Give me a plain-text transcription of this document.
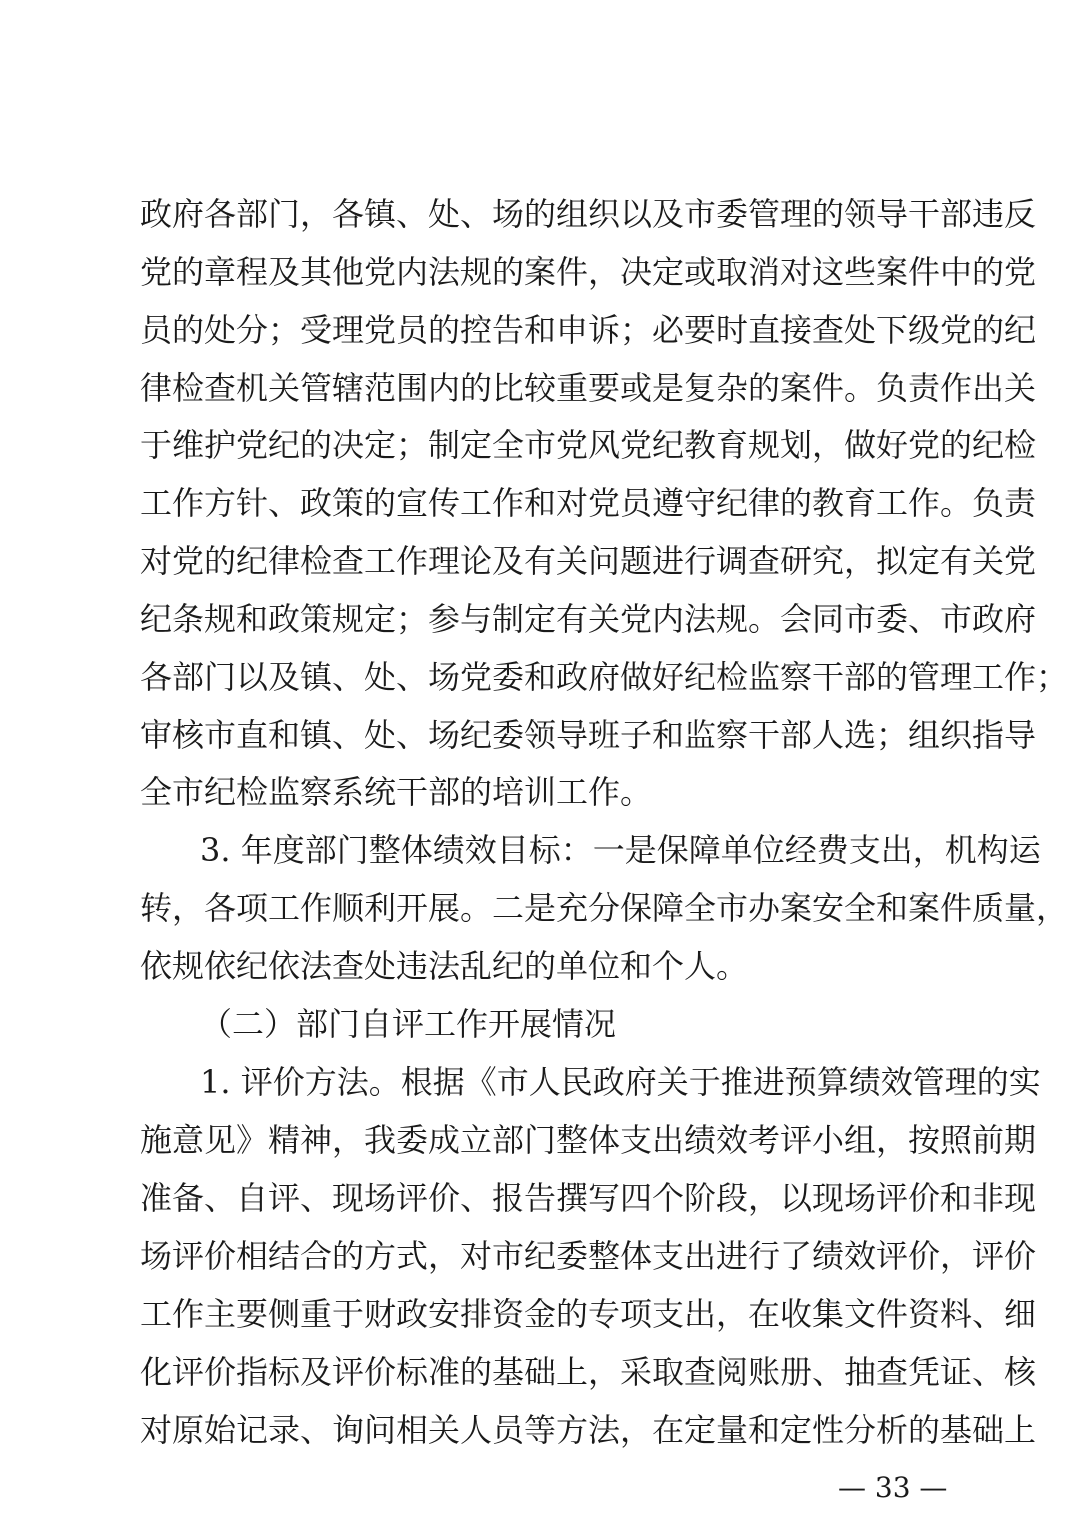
政府各部门，各镇、处、场的组织以及市委管理的领导干部违反
党的章程及其他党内法规的案件，决定或取消对这些案件中的党
员的处分；受理党员的控告和申诉；必要时直接查处下级党的纪
律检查机关管辖范围内的比较重要或是复杂的案件。负责作出关
于维护党纪的决定；制定全市党风党纪教育规划，做好党的纪检
工作方针、政策的宣传工作和对党员遵守纪律的教育工作。负责
对党的纪律检查工作理论及有关问题进行调查研究，拟定有关党
纪条规和政策规定；参与制定有关党内法规。会同市委、市政府
各部门以及镇、处、场党委和政府做好纪检监察干部的管理工作；
审核市直和镇、处、场纪委领导班子和监察干部人选；组织指导
全市纪检监察系统干部的培训工作。
3. 年度部门整体绩效目标：一是保障单位经费支出，机构运
转，各项工作顺利开展。二是充分保障全市办案安全和案件质量，
依规依纪依法查处违法乱纪的单位和个人。
（二）部门自评工作开展情况
1. 评价方法。根据《市人民政府关于推进预算绩效管理的实
施意见》精神，我委成立部门整体支出绩效考评小组，按照前期
准备、自评、现场评价、报告撰写四个阶段，以现场评价和非现
场评价相结合的方式，对市纪委整体支出进行了绩效评价，评价
工作主要侧重于财政安排资金的专项支出，在收集文件资料、细
化评价指标及评价标准的基础上，采取查阅账册、抽查凭证、核
对原始记录、询问相关人员等方法，在定量和定性分析的基础上
— 33 —
